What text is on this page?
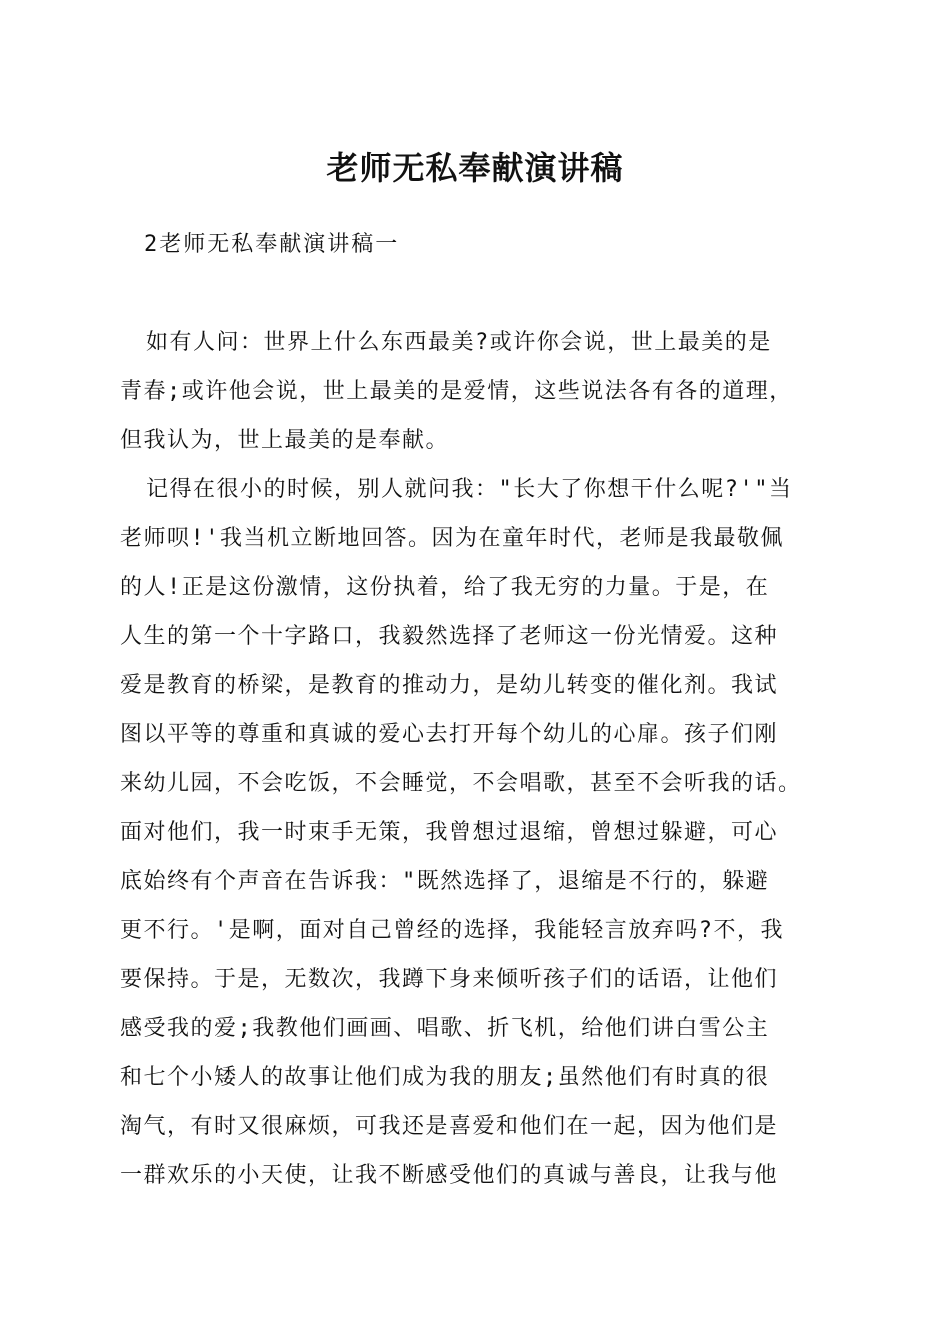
老师无私奉献演讲稿
2老师无私奉献演讲稿一
如有人问：世界上什么东西最美?或许你会说，世上最美的是
青春;或许他会说，世上最美的是爱情，这些说法各有各的道理，
但我认为，世上最美的是奉献。
记得在很小的时候，别人就问我："长大了你想干什么呢?'"当
老师呗!'我当机立断地回答。因为在童年时代，老师是我最敬佩
的人!正是这份激情，这份执着，给了我无穷的力量。于是，在
人生的第一个十字路口，我毅然选择了老师这一份光情爱。这种
爱是教育的桥梁，是教育的推动力，是幼儿转变的催化剂。我试
图以平等的尊重和真诚的爱心去打开每个幼儿的心扉。孩子们刚
来幼儿园，不会吃饭，不会睡觉，不会唱歌，甚至不会听我的话。
面对他们，我一时束手无策，我曾想过退缩，曾想过躲避，可心
底始终有个声音在告诉我："既然选择了，退缩是不行的，躲避
更不行。'是啊，面对自己曾经的选择，我能轻言放弃吗?不，我
要保持。于是，无数次，我蹲下身来倾听孩子们的话语，让他们
感受我的爱;我教他们画画、唱歌、折飞机，给他们讲白雪公主
和七个小矮人的故事让他们成为我的朋友;虽然他们有时真的很
淘气，有时又很麻烦，可我还是喜爱和他们在一起，因为他们是
一群欢乐的小天使，让我不断感受他们的真诚与善良，让我与他
